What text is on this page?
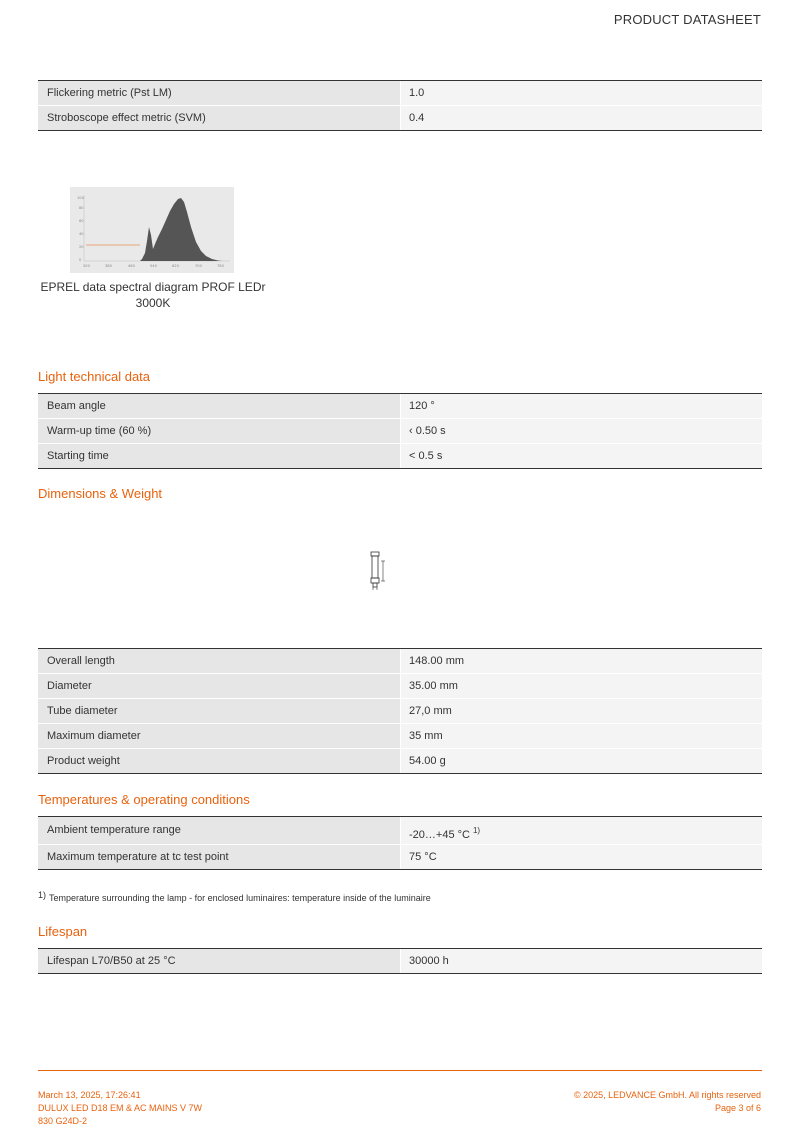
PRODUCT DATASHEET
Flickering metric (Pst LM)	1.0
Stroboscope effect metric (SVM)	0.4
0
20
40
60
80
100
300	380	460	540	620	700	780
EPREL data spectral diagram PROF LEDr 3000K
Light technical data
Beam angle	120 °
Warm-up time (60 %)	‹ 0.50 s
Starting time	< 0.5 s
Dimensions & Weight
Overall length	148.00 mm
Diameter	35.00 mm
Tube diameter	27,0 mm
Maximum diameter	35 mm
Product weight	54.00 g
Temperatures & operating conditions
Ambient temperature range	-20…+45 °C $^{1)}$
Maximum temperature at tc test point	75 °C
1) Temperature surrounding the lamp - for enclosed luminaires: temperature inside of the luminaire
Lifespan
Lifespan L70/B50 at 25 °C	30000 h
March 13, 2025, 17:26:41
DULUX LED D18 EM & AC MAINS V 7W
830 G24D-2
© 2025, LEDVANCE GmbH. All rights reserved
Page 3 of 6
